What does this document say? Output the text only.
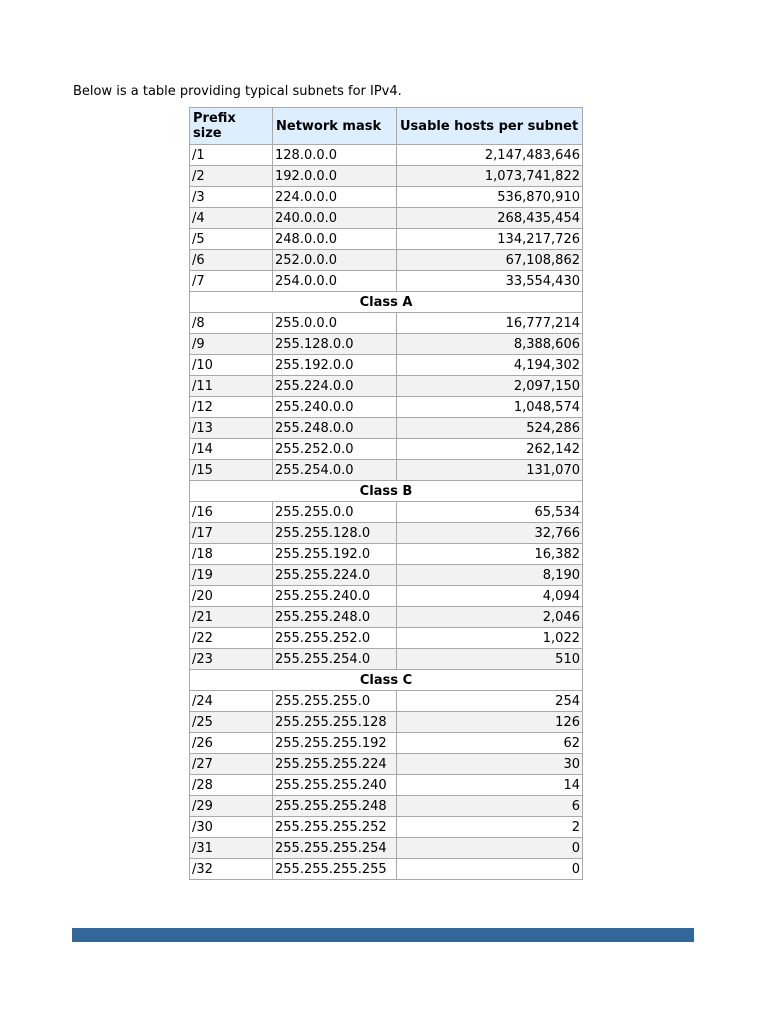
Below is a table providing typical subnets for IPv4.

Prefix
size	Network mask	Usable hosts per subnet
/1	128.0.0.0	2,147,483,646
/2	192.0.0.0	1,073,741,822
/3	224.0.0.0	536,870,910
/4	240.0.0.0	268,435,454
/5	248.0.0.0	134,217,726
/6	252.0.0.0	67,108,862
/7	254.0.0.0	33,554,430
Class A		
/8	255.0.0.0	16,777,214
/9	255.128.0.0	8,388,606
/10	255.192.0.0	4,194,302
/11	255.224.0.0	2,097,150
/12	255.240.0.0	1,048,574
/13	255.248.0.0	524,286
/14	255.252.0.0	262,142
/15	255.254.0.0	131,070
Class B		
/16	255.255.0.0	65,534
/17	255.255.128.0	32,766
/18	255.255.192.0	16,382
/19	255.255.224.0	8,190
/20	255.255.240.0	4,094
/21	255.255.248.0	2,046
/22	255.255.252.0	1,022
/23	255.255.254.0	510
Class C		
/24	255.255.255.0	254
/25	255.255.255.128	126
/26	255.255.255.192	62
/27	255.255.255.224	30
/28	255.255.255.240	14
/29	255.255.255.248	6
/30	255.255.255.252	2
/31	255.255.255.254	0
/32	255.255.255.255	0
